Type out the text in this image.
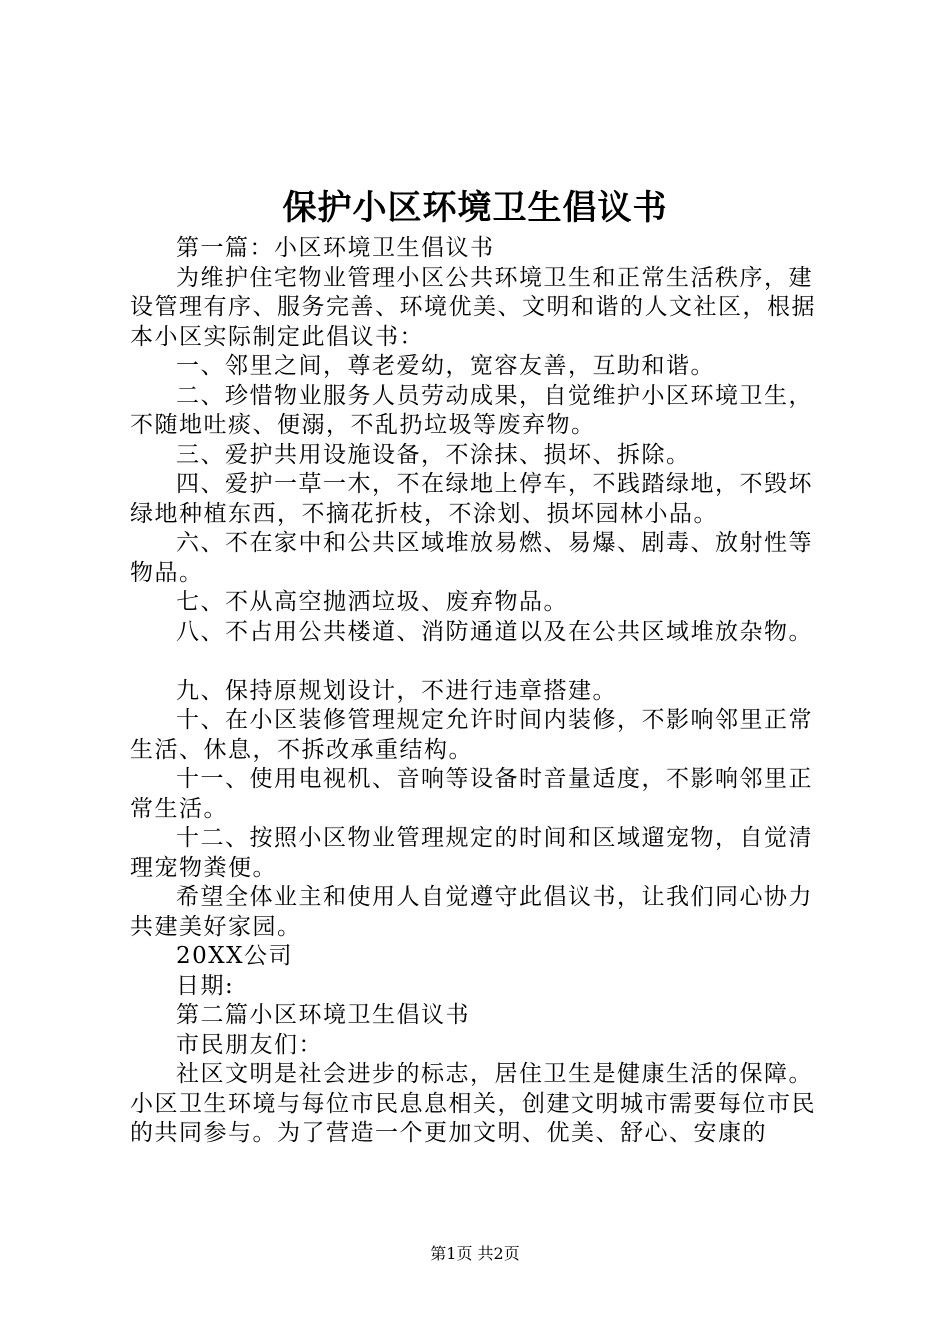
保护小区环境卫生倡议书

第一篇：小区环境卫生倡议书

为维护住宅物业管理小区公共环境卫生和正常生活秩序，建设管理有序、服务完善、环境优美、文明和谐的人文社区，根据本小区实际制定此倡议书：

一、邻里之间，尊老爱幼，宽容友善，互助和谐。

二、珍惜物业服务人员劳动成果，自觉维护小区环境卫生，不随地吐痰、便溺，不乱扔垃圾等废弃物。

三、爱护共用设施设备，不涂抹、损坏、拆除。

四、爱护一草一木，不在绿地上停车，不践踏绿地，不毁坏绿地种植东西，不摘花折枝，不涂划、损坏园林小品。

六、不在家中和公共区域堆放易燃、易爆、剧毒、放射性等物品。

七、不从高空抛洒垃圾、废弃物品。

八、不占用公共楼道、消防通道以及在公共区域堆放杂物。

九、保持原规划设计，不进行违章搭建。

十、在小区装修管理规定允许时间内装修，不影响邻里正常生活、休息，不拆改承重结构。

十一、使用电视机、音响等设备时音量适度，不影响邻里正常生活。

十二、按照小区物业管理规定的时间和区域遛宠物，自觉清理宠物粪便。

希望全体业主和使用人自觉遵守此倡议书，让我们同心协力共建美好家园。

20XX公司

日期:

第二篇小区环境卫生倡议书

市民朋友们：

社区文明是社会进步的标志，居住卫生是健康生活的保障。小区卫生环境与每位市民息息相关，创建文明城市需要每位市民的共同参与。为了营造一个更加文明、优美、舒心、安康的

第1页 共2页
